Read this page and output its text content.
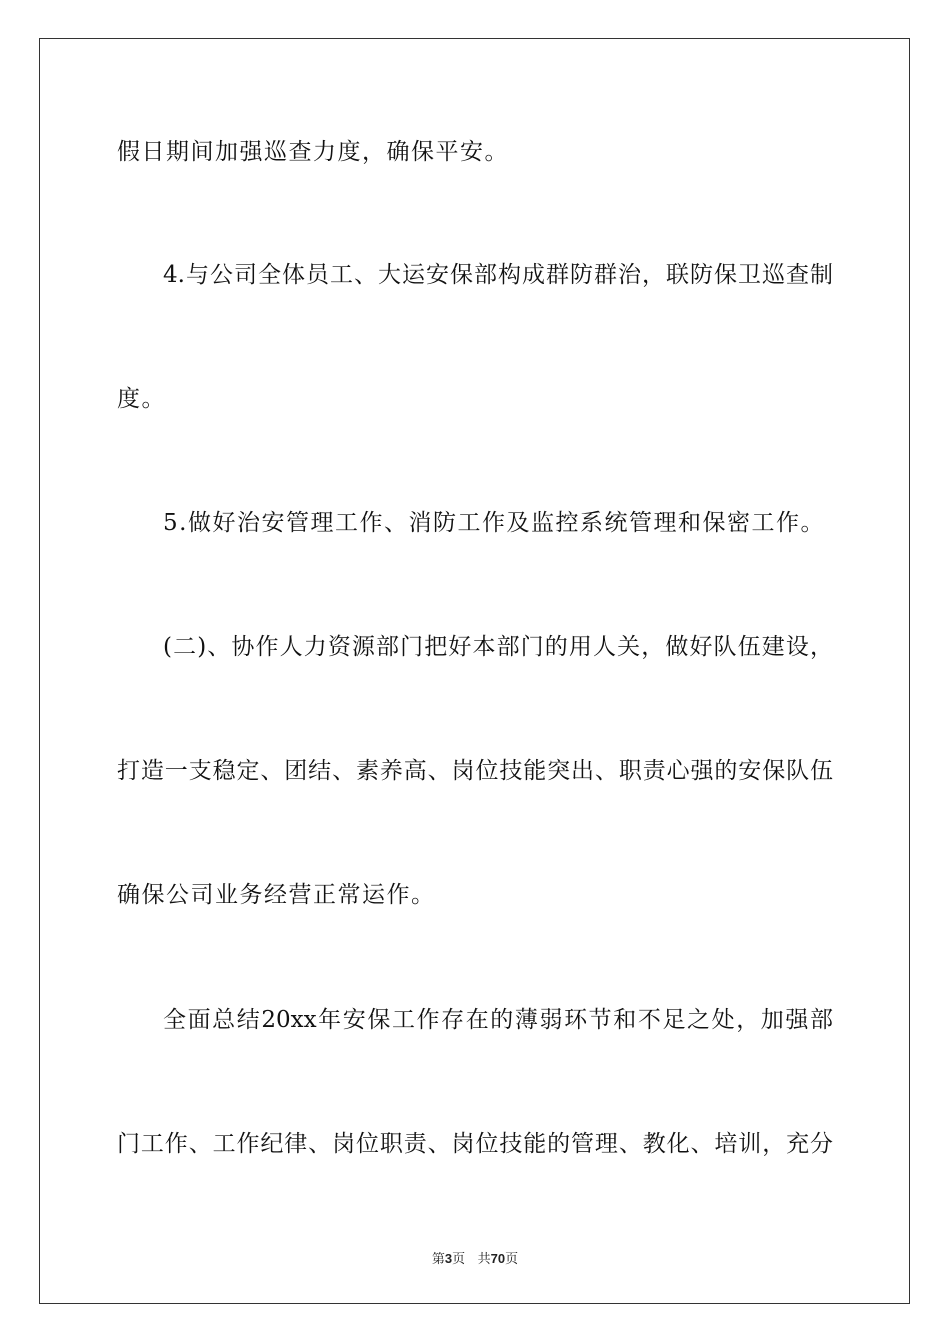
假日期间加强巡查力度，确保平安。
4.与公司全体员工、大运安保部构成群防群治，联防保卫巡查制
度。
5.做好治安管理工作、消防工作及监控系统管理和保密工作。
(二)、协作人力资源部门把好本部门的用人关，做好队伍建设，
打造一支稳定、团结、素养高、岗位技能突出、职责心强的安保队伍
确保公司业务经营正常运作。
全面总结20xx年安保工作存在的薄弱环节和不足之处，加强部
门工作、工作纪律、岗位职责、岗位技能的管理、教化、培训，充分
第3页 共70页
